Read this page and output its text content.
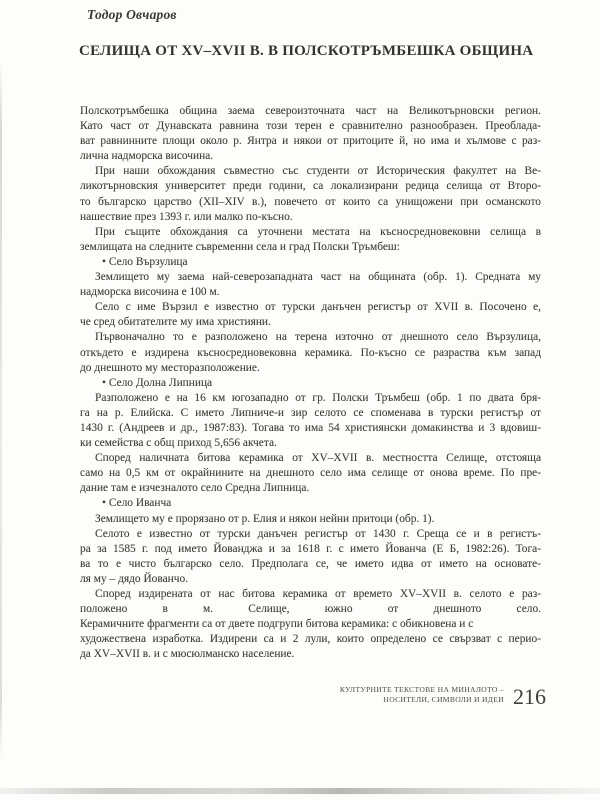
Тодор Овчаров
СЕЛИЩА ОТ XV–XVII В. В ПОЛСКОТРЪМБЕШКА ОБЩИНА
Полскотръмбешка община заема североизточната част на Великотърновски регион.
Като част от Дунавската равнина този терен е сравнително разнообразен. Преоблада-
ват равнинните площи около р. Янтра и някои от притоците й, но има и хълмове с раз-
лична надморска височина.
При наши обхождания съвместно със студенти от Историческия факултет на Ве-
ликотърновския университет преди години, са локализирани редица селища от Второ-
то българско царство (XII–XIV в.), повечето от които са унищожени при османското
нашествие през 1393 г. или малко по-късно.
При същите обхождания са уточнени местата на късносредновековни селища в
землищата на следните съвременни села и град Полски Тръмбеш:
• Село Вързулица
Землището му заема най-северозападната част на общината (обр. 1). Средната му
надморска височина е 100 м.
Село с име Вързил е известно от турски данъчен регистър от XVII в. Посочено е,
че сред обитателите му има християни.
Първоначално то е разположено на терена източно от днешното село Вързулица,
откъдето е издирена късносредновековна керамика. По-късно се разраства към запад
до днешното му месторазположение.
• Село Долна Липница
Разположено е на 16 км югозападно от гр. Полски Тръмбеш (обр. 1 по двата бря-
га на р. Елийска. С името Липниче-и зир селото се споменава в турски регистър от
1430 г. (Андреев и др., 1987:83). Тогава то има 54 християнски домакинства и 3 вдовиш-
ки семейства с общ приход 5,656 акчета.
Според наличната битова керамика от XV–XVII в. местността Селище, отстояща
само на 0,5 км от окрайнините на днешното село има селище от онова време. По пре-
дание там е изчезналото село Средна Липница.
• Село Иванча
Землището му е прорязано от р. Елия и някои нейни притоци (обр. 1).
Селото е известно от турски данъчен регистър от 1430 г. Среща се и в регистъ-
ра за 1585 г. под името Йованджа и за 1618 г. с името Йованча (Е Б, 1982:26). Тога-
ва то е чисто българско село. Предполага се, че името идва от името на основате-
ля му – дядо Йованчо.
Според издирената от нас битова керамика от времето XV–XVII в. селото е раз-
положено в м. Селище, южно от днешното село.
Керамичните фрагменти са от двете подгрупи битова керамика: с обикновена и с
художествена изработка. Издирени са и 2 лули, които определено се свързват с перио-
да XV–XVII в. и с мюсюлманско население.
КУЛТУРНИТЕ ТЕКСТОВЕ НА МИНАЛОТО –
НОСИТЕЛИ, СИМВОЛИ И ИДЕИ 216
